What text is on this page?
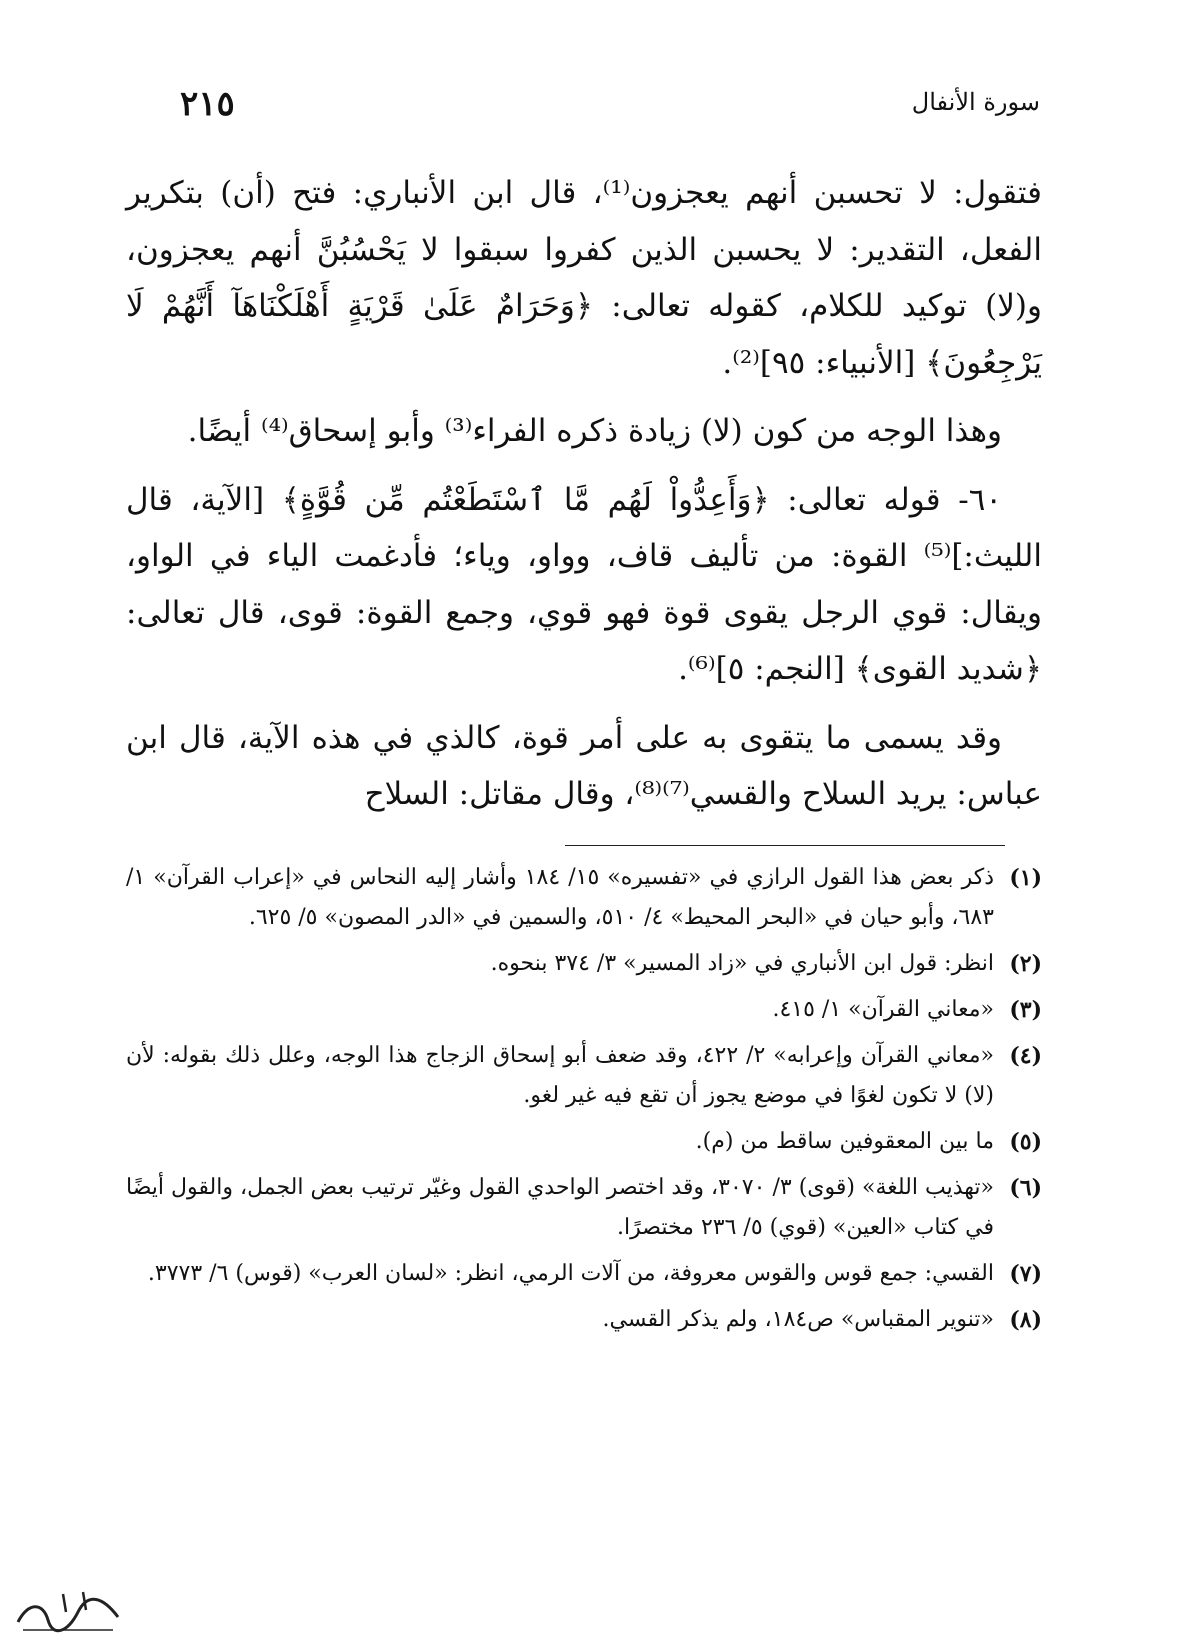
سورة الأنفال
٢١٥

فتقول: لا تحسبن أنهم يعجزون⁽¹⁾، قال ابن الأنباري: فتح (أن) بتكرير الفعل، التقدير: لا يحسبن الذين كفروا سبقوا لا يَحْسُبُنَّ أنهم يعجزون، و(لا) توكيد للكلام، كقوله تعالى: ﴿وَحَرَامٌ عَلَىٰ قَرْيَةٍ أَهْلَكْنَاهَآ أَنَّهُمْ لَا يَرْجِعُونَ﴾ [الأنبياء: ٩٥]⁽²⁾.

وهذا الوجه من كون (لا) زيادة ذكره الفراء⁽³⁾ وأبو إسحاق⁽⁴⁾ أيضًا.

٦٠- قوله تعالى: ﴿وَأَعِدُّواْ لَهُم مَّا ٱسْتَطَعْتُم مِّن قُوَّةٍ﴾ [الآية، قال الليث:]⁽⁵⁾ القوة: من تأليف قاف، وواو، وياء؛ فأدغمت الياء في الواو، ويقال: قوي الرجل يقوى قوة فهو قوي، وجمع القوة: قوى، قال تعالى: ﴿شديد القوى﴾ [النجم: ٥]⁽⁶⁾.

وقد يسمى ما يتقوى به على أمر قوة، كالذي في هذه الآية، قال ابن عباس: يريد السلاح والقسي⁽⁷⁾⁽⁸⁾، وقال مقاتل: السلاح

(١)
ذكر بعض هذا القول الرازي في «تفسيره» ١٥/ ١٨٤ وأشار إليه النحاس في «إعراب القرآن» ١/ ٦٨٣، وأبو حيان في «البحر المحيط» ٤/ ٥١٠، والسمين في «الدر المصون» ٥/ ٦٢٥.
(٢)
انظر: قول ابن الأنباري في «زاد المسير» ٣/ ٣٧٤ بنحوه.
(٣)
«معاني القرآن» ١/ ٤١٥.
(٤)
«معاني القرآن وإعرابه» ٢/ ٤٢٢، وقد ضعف أبو إسحاق الزجاج هذا الوجه، وعلل ذلك بقوله: لأن (لا) لا تكون لغوًا في موضع يجوز أن تقع فيه غير لغو.
(٥)
ما بين المعقوفين ساقط من (م).
(٦)
«تهذيب اللغة» (قوى) ٣/ ٣٠٧٠، وقد اختصر الواحدي القول وغيّر ترتيب بعض الجمل، والقول أيضًا في كتاب «العين» (قوي) ٥/ ٢٣٦ مختصرًا.
(٧)
القسي: جمع قوس والقوس معروفة، من آلات الرمي، انظر: «لسان العرب» (قوس) ٦/ ٣٧٧٣.
(٨)
«تنوير المقباس» ص١٨٤، ولم يذكر القسي.
